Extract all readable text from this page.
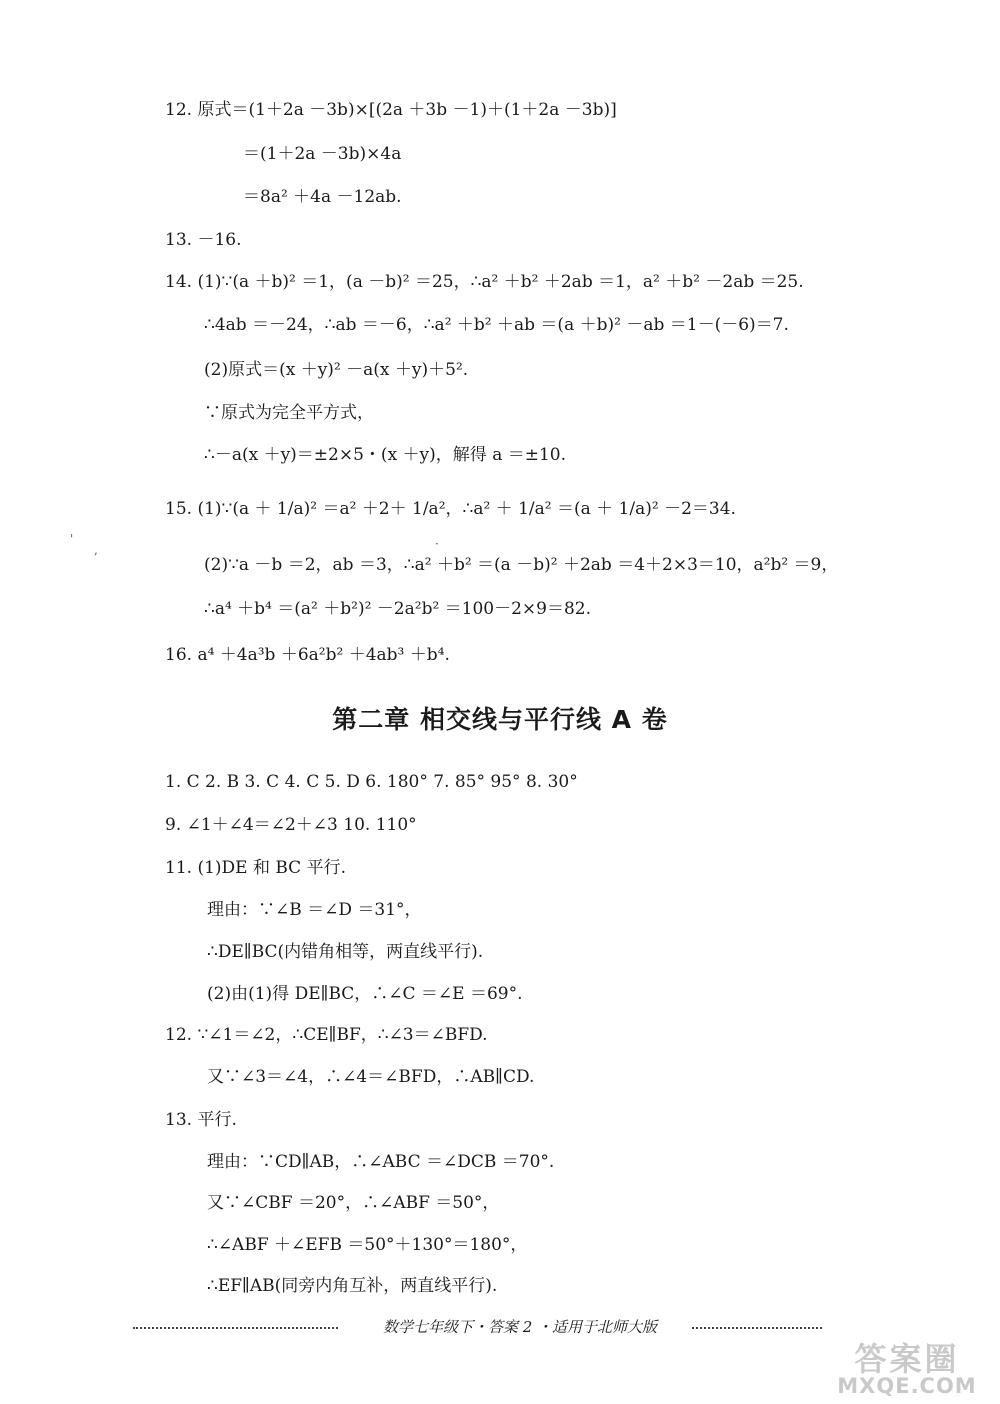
12. 原式＝(1＋2a －3b)×[(2a ＋3b －1)＋(1＋2a －3b)]
＝(1＋2a －3b)×4a
＝8a² ＋4a －12ab.
13. －16.
14. (1)∵(a ＋b)² ＝1，(a －b)² ＝25，∴a² ＋b² ＋2ab ＝1，a² ＋b² －2ab ＝25.
∴4ab ＝－24，∴ab ＝－6，∴a² ＋b² ＋ab ＝(a ＋b)² －ab ＝1－(－6)＝7.
(2)原式＝(x ＋y)² －a(x ＋y)＋5².
∵原式为完全平方式，
∴－a(x ＋y)＝±2×5・(x ＋y)，解得 a ＝±10.
15. (1)∵(a ＋ 1/a)² ＝a² ＋2＋ 1/a²，∴a² ＋ 1/a² ＝(a ＋ 1/a)² －2＝34.
(2)∵a －b ＝2，ab ＝3，∴a² ＋b² ＝(a －b)² ＋2ab ＝4＋2×3＝10，a²b² ＝9，
∴a⁴ ＋b⁴ ＝(a² ＋b²)² －2a²b² ＝100－2×9＝82.
16. a⁴ ＋4a³b ＋6a²b² ＋4ab³ ＋b⁴.
第二章 相交线与平行线 A 卷
1. C 2. B 3. C 4. C 5. D 6. 180° 7. 85° 95° 8. 30°
9. ∠1＋∠4＝∠2＋∠3 10. 110°
11. (1)DE 和 BC 平行.
理由：∵∠B ＝∠D ＝31°，
∴DE∥BC(内错角相等，两直线平行).
(2)由(1)得 DE∥BC，∴∠C ＝∠E ＝69°.
12. ∵∠1＝∠2，∴CE∥BF，∴∠3＝∠BFD.
又∵∠3＝∠4，∴∠4＝∠BFD，∴AB∥CD.
13. 平行.
理由：∵CD∥AB，∴∠ABC ＝∠DCB ＝70°.
又∵∠CBF ＝20°，∴∠ABF ＝50°，
∴∠ABF ＋∠EFB ＝50°＋130°＝180°，
∴EF∥AB(同旁内角互补，两直线平行).
'
,	·
数学七年级下・答案 2 ・适用于北师大版
答案圈
MXQE.COM
